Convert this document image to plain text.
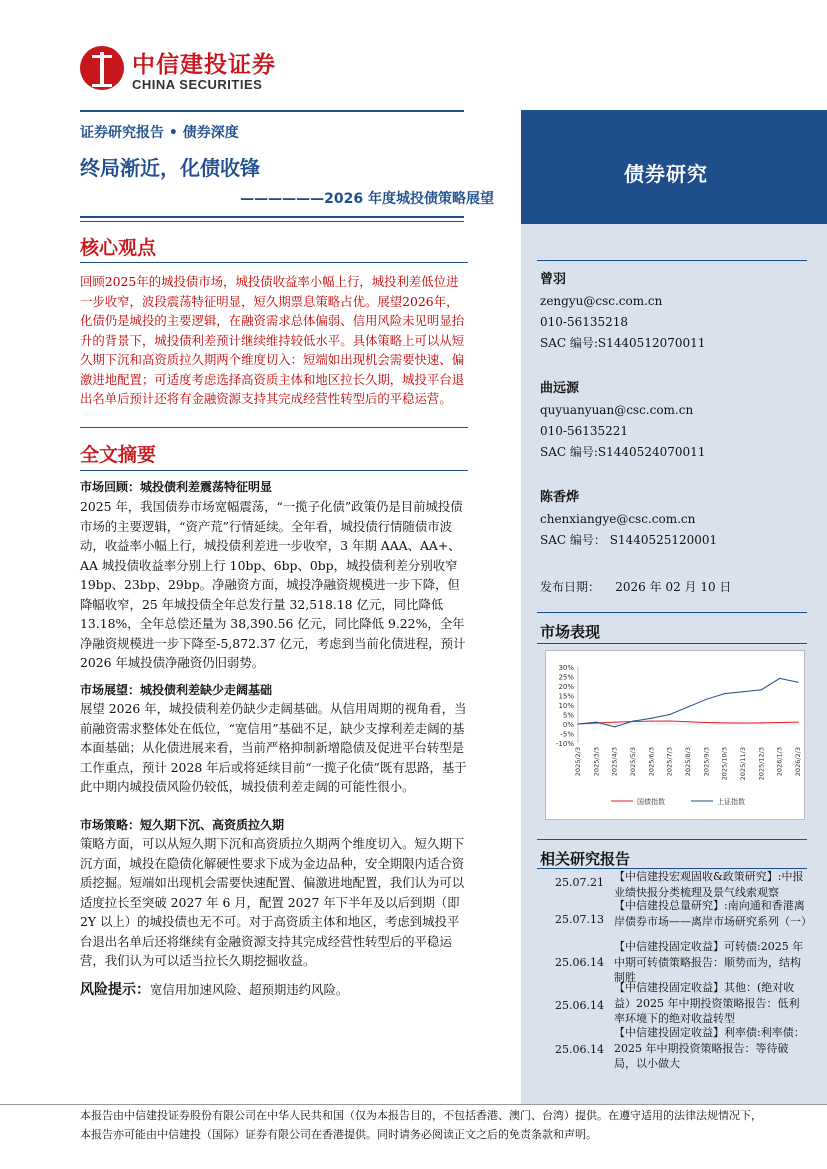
中信建投证券
CHINA SECURITIES
证券研究报告 • 债券深度
终局渐近，化债收锋
——————2026 年度城投债策略展望
债券研究
核心观点
回顾2025年的城投债市场，城投债收益率小幅上行，城投利差低位进一步收窄，波段震荡特征明显，短久期票息策略占优。展望2026年，化债仍是城投的主要逻辑，在融资需求总体偏弱、信用风险未见明显抬升的背景下，城投债利差预计继续维持较低水平。具体策略上可以从短久期下沉和高资质拉久期两个维度切入：短端如出现机会需要快速、偏激进地配置；可适度考虑选择高资质主体和地区拉长久期，城投平台退出名单后预计还将有金融资源支持其完成经营性转型后的平稳运营。
全文摘要
市场回顾：城投债利差震荡特征明显
2025 年，我国债券市场宽幅震荡，“一揽子化债”政策仍是目前城投债市场的主要逻辑，“资产荒”行情延续。全年看，城投债行情随债市波动，收益率小幅上行，城投债利差进一步收窄，3 年期 AAA、AA+、AA 城投债收益率分别上行 10bp、6bp、0bp，城投债利差分别收窄 19bp、23bp、29bp。净融资方面，城投净融资规模进一步下降，但降幅收窄，25 年城投债全年总发行量 32,518.18 亿元，同比降低 13.18%，全年总偿还量为 38,390.56 亿元，同比降低 9.22%，全年净融资规模进一步下降至-5,872.37 亿元，考虑到当前化债进程，预计 2026 年城投债净融资仍旧弱势。
市场展望：城投债利差缺少走阔基础
展望 2026 年，城投债利差仍缺少走阔基础。从信用周期的视角看，当前融资需求整体处在低位，“宽信用”基础不足，缺少支撑利差走阔的基本面基础；从化债进展来看，当前严格抑制新增隐债及促进平台转型是工作重点，预计 2028 年后或将延续目前“一揽子化债”既有思路，基于此中期内城投债风险仍较低，城投债利差走阔的可能性很小。
市场策略：短久期下沉、高资质拉久期
策略方面，可以从短久期下沉和高资质拉久期两个维度切入。短久期下沉方面，城投在隐债化解硬性要求下成为金边品种，安全期限内适合资质挖掘。短端如出现机会需要快速配置、偏激进地配置，我们认为可以适度拉长至突破 2027 年 6 月，配置 2027 年下半年及以后到期（即 2Y 以上）的城投债也无不可。对于高资质主体和地区，考虑到城投平台退出名单后还将继续有金融资源支持其完成经营性转型后的平稳运营，我们认为可以适当拉长久期挖掘收益。
风险提示：宽信用加速风险、超预期违约风险。
曾羽
zengyu@csc.com.cn
010-56135218
SAC 编号:S1440512070011
曲远源
quyuanyuan@csc.com.cn
010-56135221
SAC 编号:S1440524070011
陈香烨
chenxiangye@csc.com.cn
SAC 编号： S1440525120001
发布日期： 2026 年 02 月 10 日
市场表现
30%
25%
20%
15%
10%
5%
0%
-5%
-10%
2025/2/3 2025/3/3 2025/4/3 2025/5/3 2025/6/3 2025/7/3 2025/8/3 2025/9/3 2025/10/3 2025/11/3 2025/12/3 2026/1/3 2026/2/3
国债指数	上证指数
相关研究报告
25.07.21 【中信建投宏观固收&政策研究】:中报业绩快报分类梳理及景气线索观察
25.07.13
【中信建投总量研究】:南向通和香港离岸债券市场——离岸市场研究系列（一）
25.06.14
【中信建投固定收益】可转债:2025 年中期可转债策略报告：顺势而为，结构制胜
25.06.14
【中信建投固定收益】其他：(绝对收益）2025 年中期投资策略报告：低利率环境下的绝对收益转型
25.06.14
【中信建投固定收益】利率债:利率债：2025 年中期投资策略报告：等待破局，以小做大
本报告由中信建投证券股份有限公司在中华人民共和国（仅为本报告目的，不包括香港、澳门、台湾）提供。在遵守适用的法律法规情况下，
本报告亦可能由中信建投（国际）证券有限公司在香港提供。同时请务必阅读正文之后的免责条款和声明。
